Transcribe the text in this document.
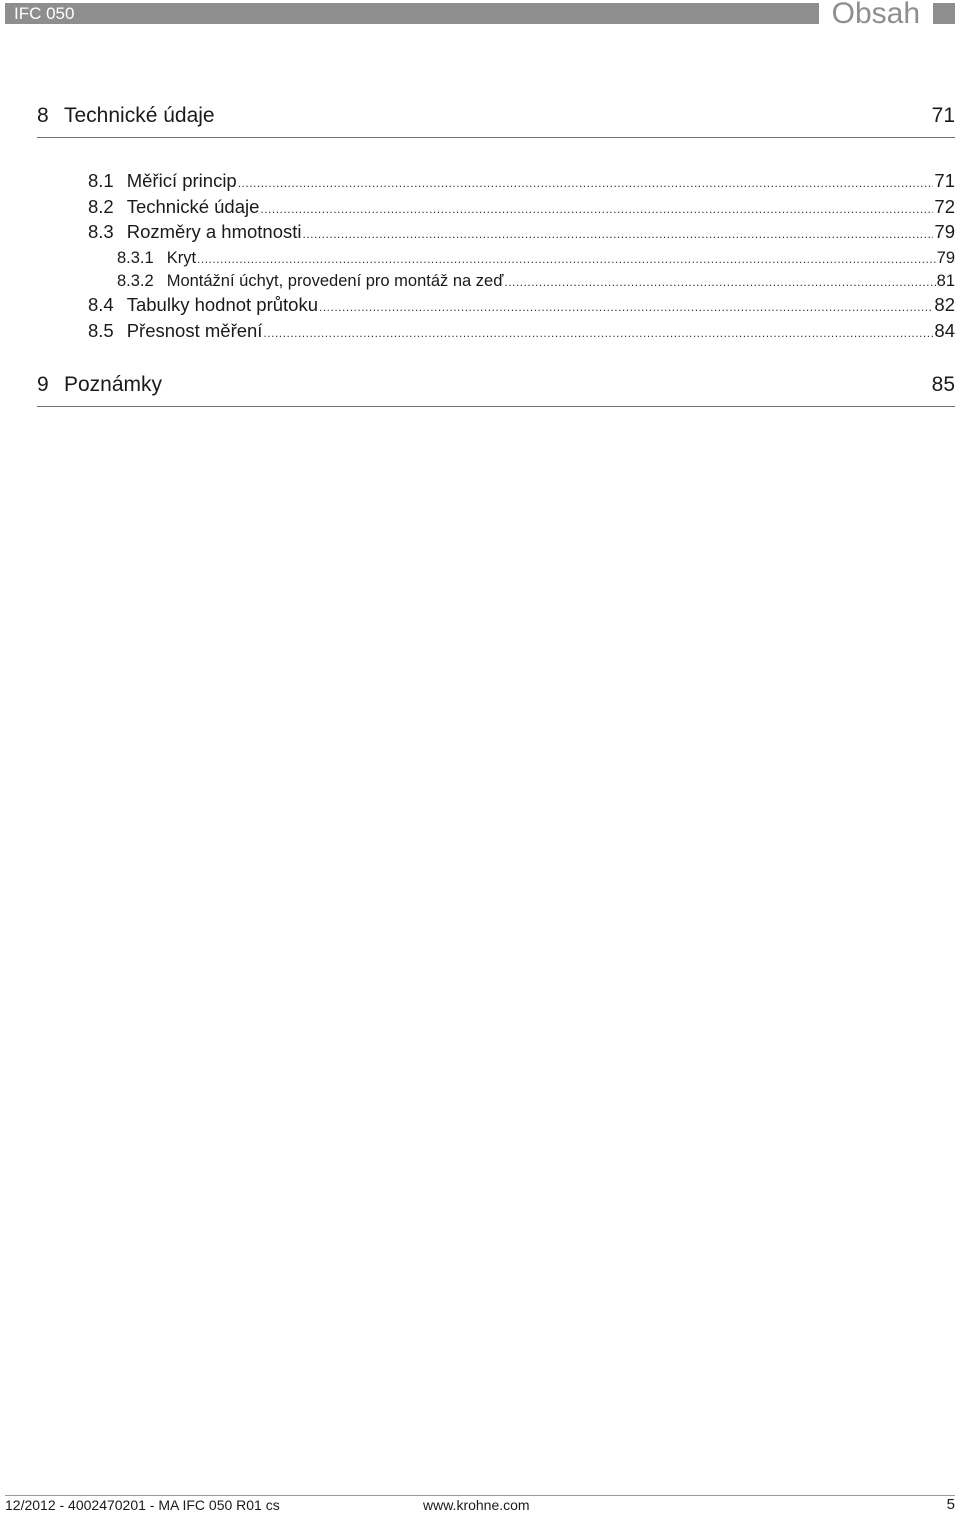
IFC 050	Obsah
8 Technické údaje	71
8.1 Měřicí princip .....	71
8.2 Technické údaje .....	72
8.3 Rozměry a hmotnosti .....	79
8.3.1 Kryt .....	79
8.3.2 Montážní úchyt, provedení pro montáž na zeď .....	81
8.4 Tabulky hodnot průtoku .....	82
8.5 Přesnost měření .....	84
9 Poznámky	85
12/2012 - 4002470201 - MA IFC 050 R01 cs	www.krohne.com	5
